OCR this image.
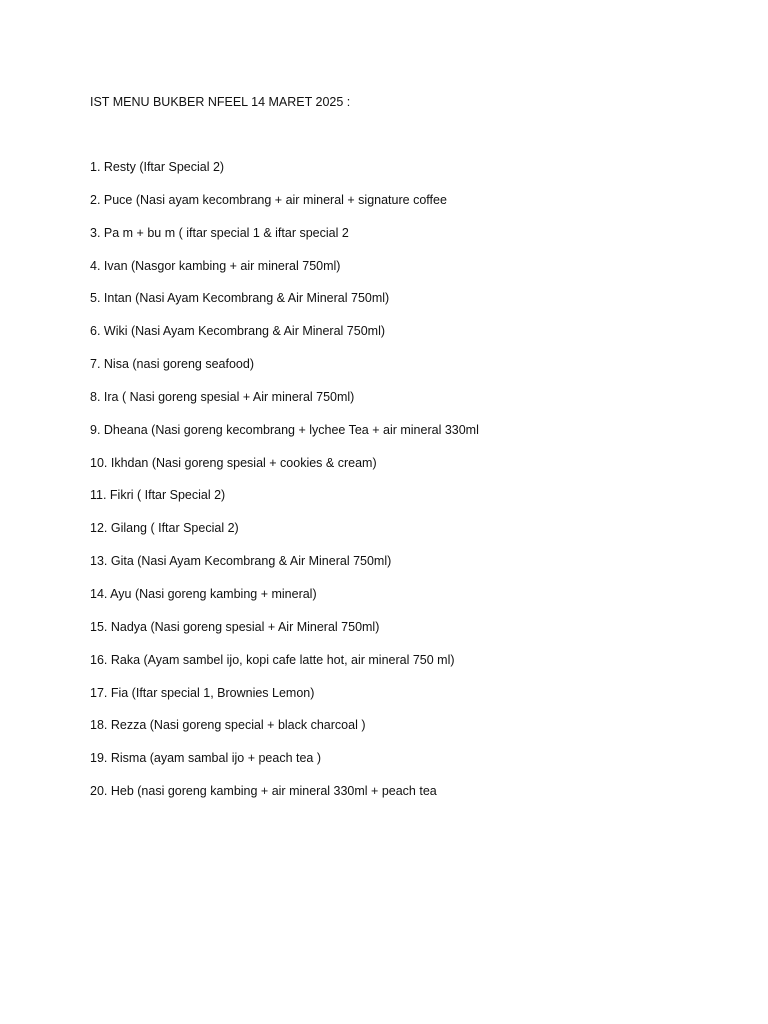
IST MENU BUKBER NFEEL 14 MARET 2025 :
1. Resty (Iftar Special 2)
2. Puce (Nasi ayam kecombrang + air mineral + signature coffee
3. Pa m + bu m ( iftar special 1 & iftar special 2
4. Ivan (Nasgor kambing + air mineral 750ml)
5. Intan (Nasi Ayam Kecombrang & Air Mineral 750ml)
6. Wiki (Nasi Ayam Kecombrang & Air Mineral 750ml)
7. Nisa (nasi goreng seafood)
8. Ira ( Nasi goreng spesial + Air mineral 750ml)
9. Dheana (Nasi goreng kecombrang + lychee Tea + air mineral 330ml
10. Ikhdan (Nasi goreng spesial + cookies & cream)
11. Fikri ( Iftar Special 2)
12. Gilang ( Iftar Special 2)
13. Gita (Nasi Ayam Kecombrang & Air Mineral 750ml)
14. Ayu (Nasi goreng kambing + mineral)
15. Nadya (Nasi goreng spesial + Air Mineral 750ml)
16. Raka (Ayam sambel ijo, kopi cafe latte hot, air mineral 750 ml)
17. Fia (Iftar special 1, Brownies Lemon)
18. Rezza (Nasi goreng special + black charcoal )
19. Risma (ayam sambal ijo + peach tea )
20. Heb (nasi goreng kambing + air mineral 330ml + peach tea
